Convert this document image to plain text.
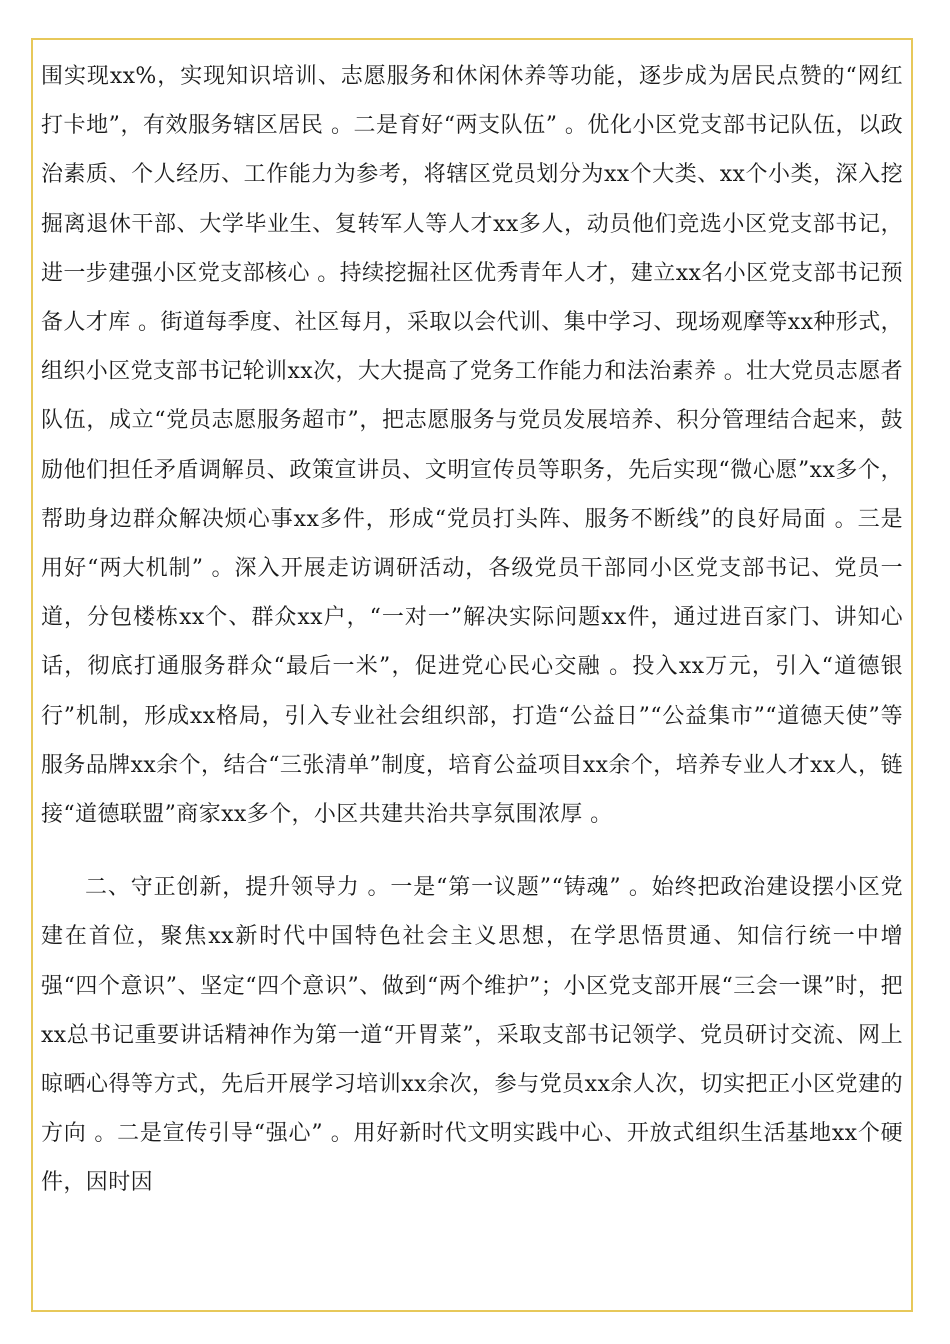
围实现xx%，实现知识培训、志愿服务和休闲休养等功能，逐步成为居民点赞的“网红打卡地”，有效服务辖区居民 。二是育好“两支队伍” 。优化小区党支部书记队伍，以政治素质、个人经历、工作能力为参考，将辖区党员划分为xx个大类、xx个小类，深入挖掘离退休干部、大学毕业生、复转军人等人才xx多人，动员他们竞选小区党支部书记，进一步建强小区党支部核心 。持续挖掘社区优秀青年人才，建立xx名小区党支部书记预备人才库 。街道每季度、社区每月，采取以会代训、集中学习、现场观摩等xx种形式，组织小区党支部书记轮训xx次，大大提高了党务工作能力和法治素养 。壮大党员志愿者队伍，成立“党员志愿服务超市”，把志愿服务与党员发展培养、积分管理结合起来，鼓励他们担任矛盾调解员、政策宣讲员、文明宣传员等职务，先后实现“微心愿”xx多个，帮助身边群众解决烦心事xx多件，形成“党员打头阵、服务不断线”的良好局面 。三是用好“两大机制” 。深入开展走访调研活动，各级党员干部同小区党支部书记、党员一道，分包楼栋xx个、群众xx户，“一对一”解决实际问题xx件，通过进百家门、讲知心话，彻底打通服务群众“最后一米”，促进党心民心交融 。投入xx万元，引入“道德银行”机制，形成xx格局，引入专业社会组织部，打造“公益日”“公益集市”“道德天使”等服务品牌xx余个，结合“三张清单”制度，培育公益项目xx余个，培养专业人才xx人，链接“道德联盟”商家xx多个，小区共建共治共享氛围浓厚 。

二、守正创新，提升领导力 。一是“第一议题”“铸魂” 。始终把政治建设摆小区党建在首位，聚焦xx新时代中国特色社会主义思想，在学思悟贯通、知信行统一中增强“四个意识”、坚定“四个意识”、做到“两个维护”；小区党支部开展“三会一课”时，把xx总书记重要讲话精神作为第一道“开胃菜”，采取支部书记领学、党员研讨交流、网上晾晒心得等方式，先后开展学习培训xx余次，参与党员xx余人次，切实把正小区党建的方向 。二是宣传引导“强心” 。用好新时代文明实践中心、开放式组织生活基地xx个硬件，因时因
